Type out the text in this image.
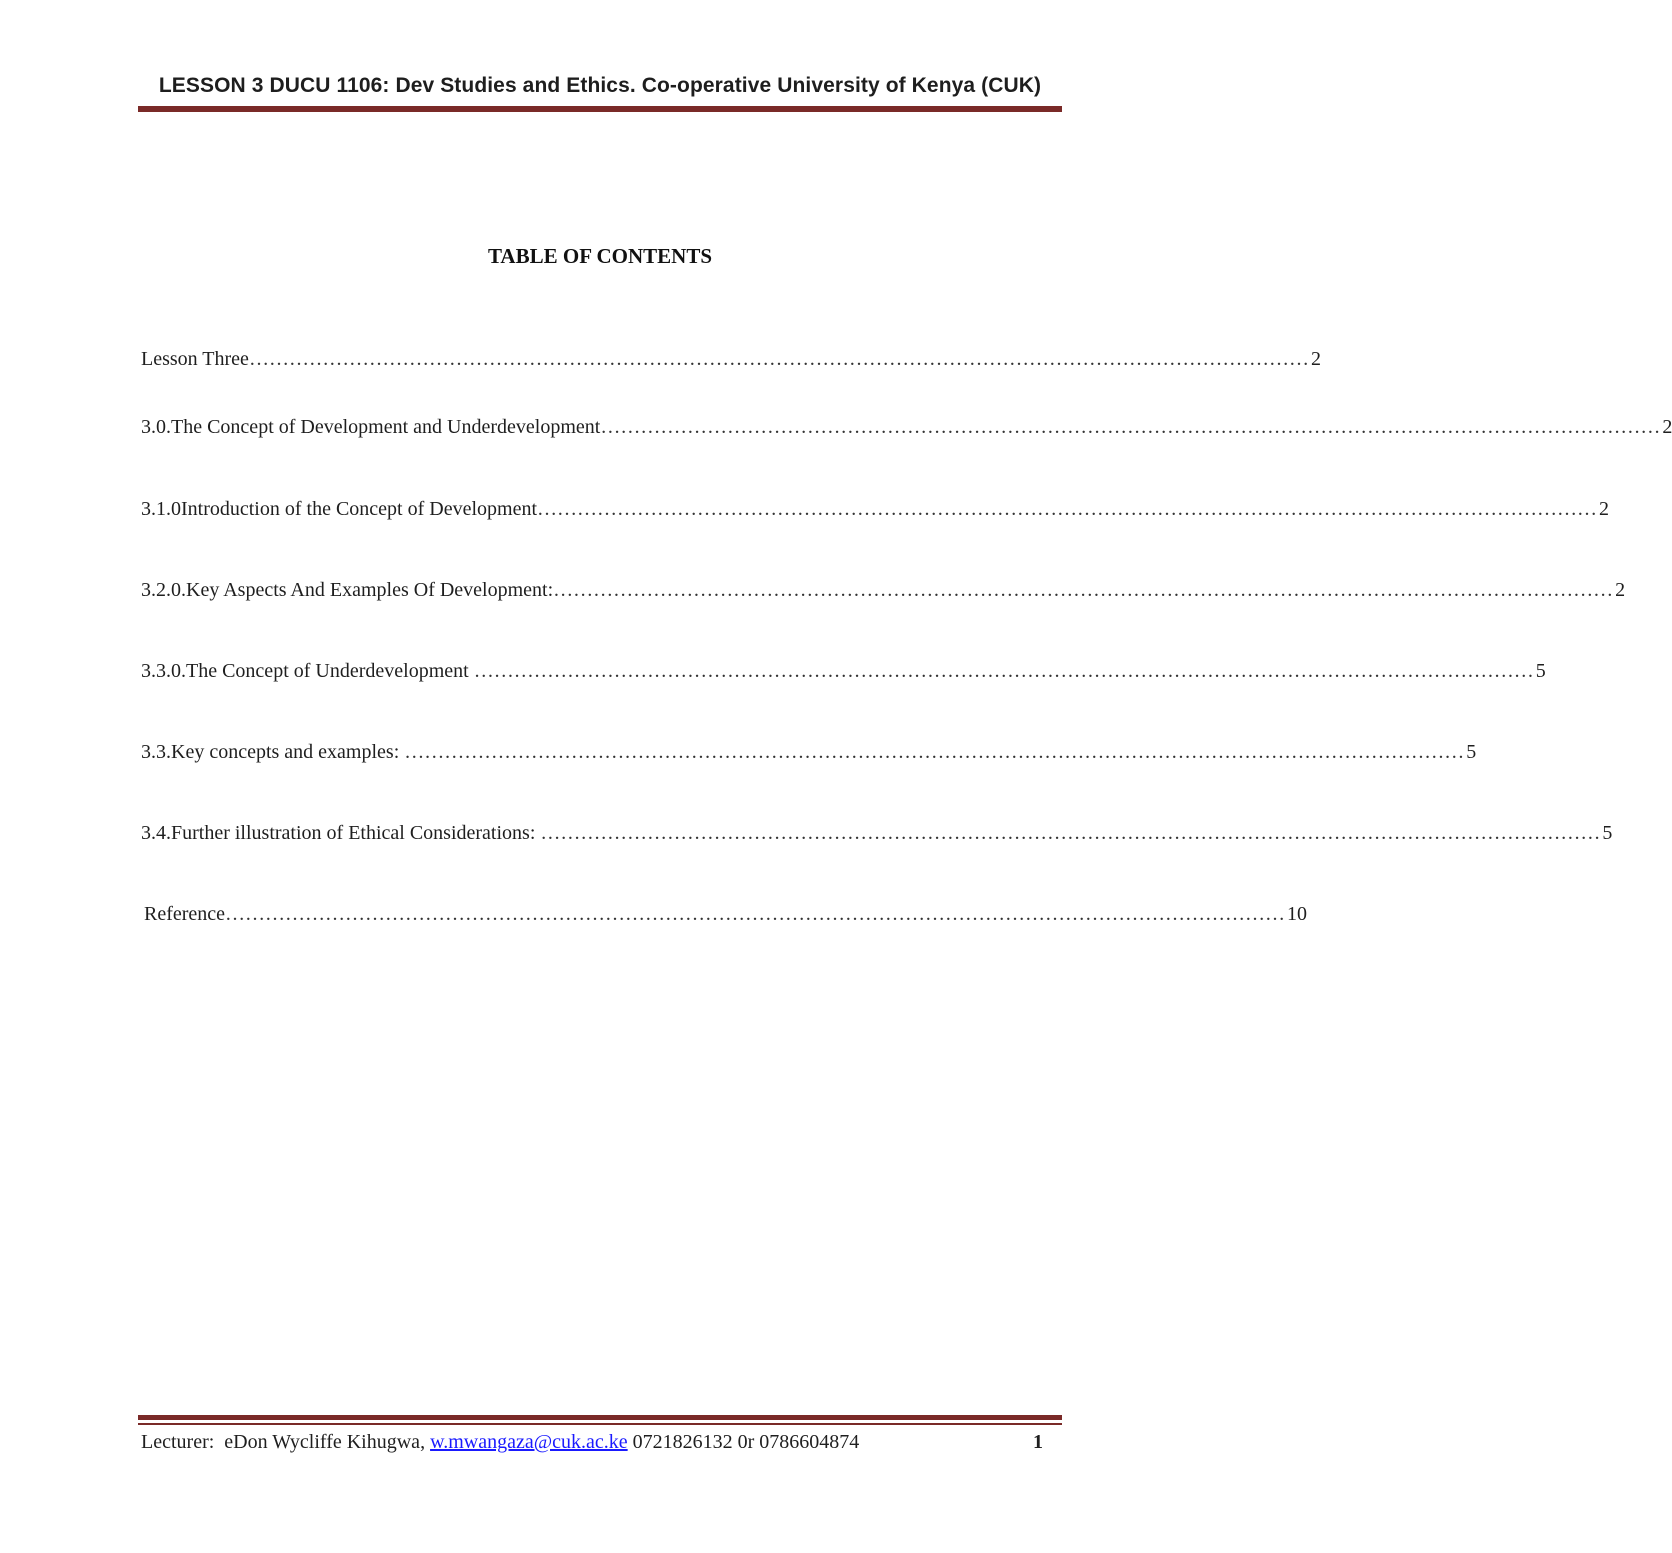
LESSON 3 DUCU 1106: Dev Studies and Ethics. Co-operative University of Kenya (CUK)
TABLE OF CONTENTS
Lesson Three …………………………………………………………………………………………………………………………………………… 2
3.0. The Concept of Development and Underdevelopment …………………………………………………………………………………………………………………………………………… 2
3.1.0 Introduction of the Concept of Development …………………………………………………………………………………………………………………………………………… 2
3.2.0. Key Aspects And Examples Of Development: …………………………………………………………………………………………………………………………………………… 2
3.3.0. The Concept of Underdevelopment …………………………………………………………………………………………………………………………………………… 5
3.3. Key concepts and examples: …………………………………………………………………………………………………………………………………………… 5
3.4. Further illustration of Ethical Considerations: …………………………………………………………………………………………………………………………………………… 5
Reference …………………………………………………………………………………………………………………………………………… 10
Lecturer:  eDon Wycliffe Kihugwa, w.mwangaza@cuk.ac.ke 0721826132 0r 0786604874	1
